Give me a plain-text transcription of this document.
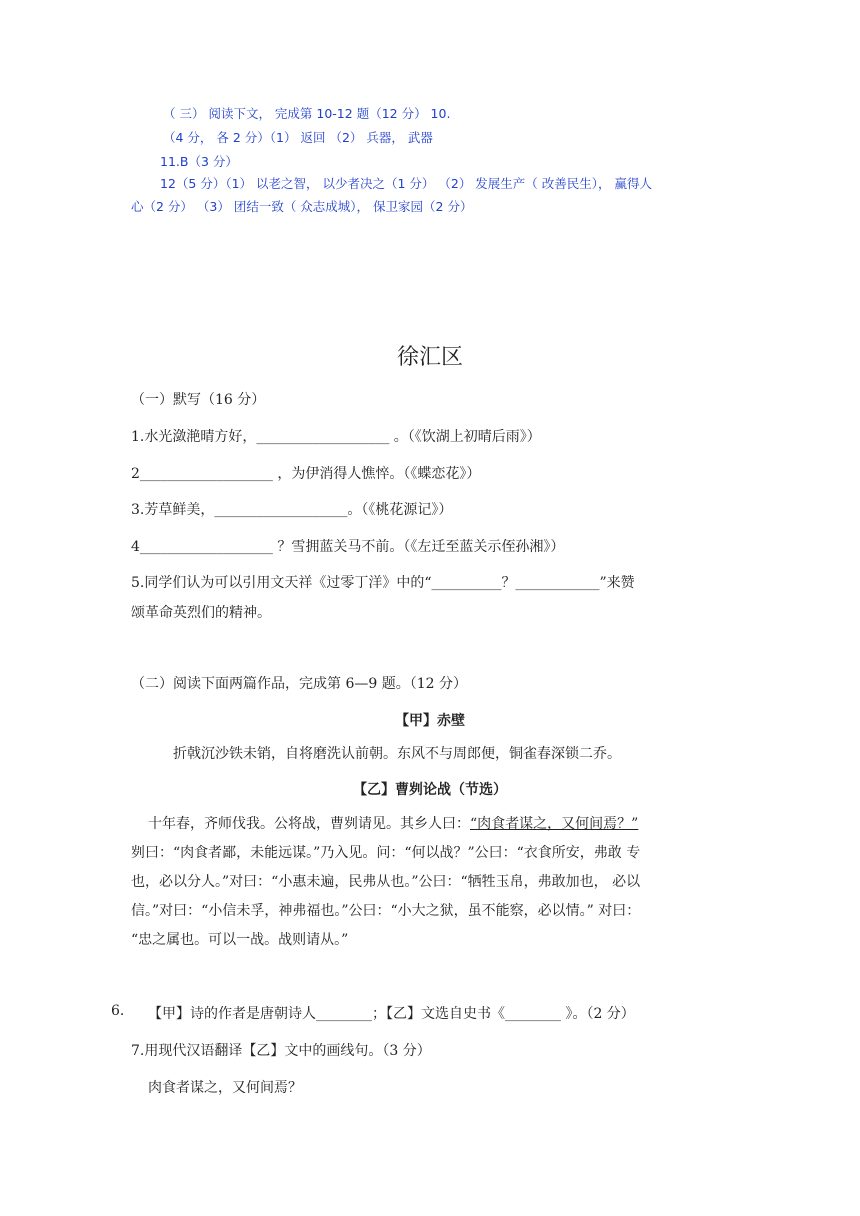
（ 三） 阅读下文， 完成第 10-12 题（12 分） 10.
（4 分， 各 2 分）（1） 返回 （2） 兵器， 武器
11.B（3 分）
12（5 分）（1） 以老之智， 以少者决之（1 分） （2） 发展生产（ 改善民生）， 赢得人
心（2 分） （3） 团结一致（ 众志成城）， 保卫家园（2 分）
徐汇区
（一）默写（16 分）
1.水光潋滟晴方好，___________________ 。（《饮湖上初晴后雨》）
2___________________ ，为伊消得人憔悴。（《蝶恋花》）
3.芳草鲜美，___________________。（《桃花源记》）
4___________________ ？雪拥蓝关马不前。（《左迁至蓝关示侄孙湘》）
5.同学们认为可以引用文天祥《过零丁洋》中的“__________？____________”来赞
颂革命英烈们的精神。
（二）阅读下面两篇作品，完成第 6—9 题。（12 分）
【甲】赤壁
折戟沉沙铁未销，自将磨洗认前朝。东风不与周郎便，铜雀春深锁二乔。
【乙】曹刿论战（节选）
十年春，齐师伐我。公将战，曹刿请见。其乡人曰：“肉食者谋之，又何间焉？”
刿曰：“肉食者鄙，未能远谋。”乃入见。问：“何以战？”公曰：“衣食所安，弗敢 专
也，必以分人。”对曰：“小惠未遍，民弗从也。”公曰：“牺牲玉帛，弗敢加也， 必以
信。”对曰：“小信未孚，神弗福也。”公曰：“小大之狱，虽不能察，必以情。” 对曰：
“忠之属也。可以一战。战则请从。”
6. 【甲】诗的作者是唐朝诗人________；【乙】文选自史书《________ 》。（2 分）
7.用现代汉语翻译【乙】文中的画线句。（3 分）
肉食者谋之，又何间焉？
